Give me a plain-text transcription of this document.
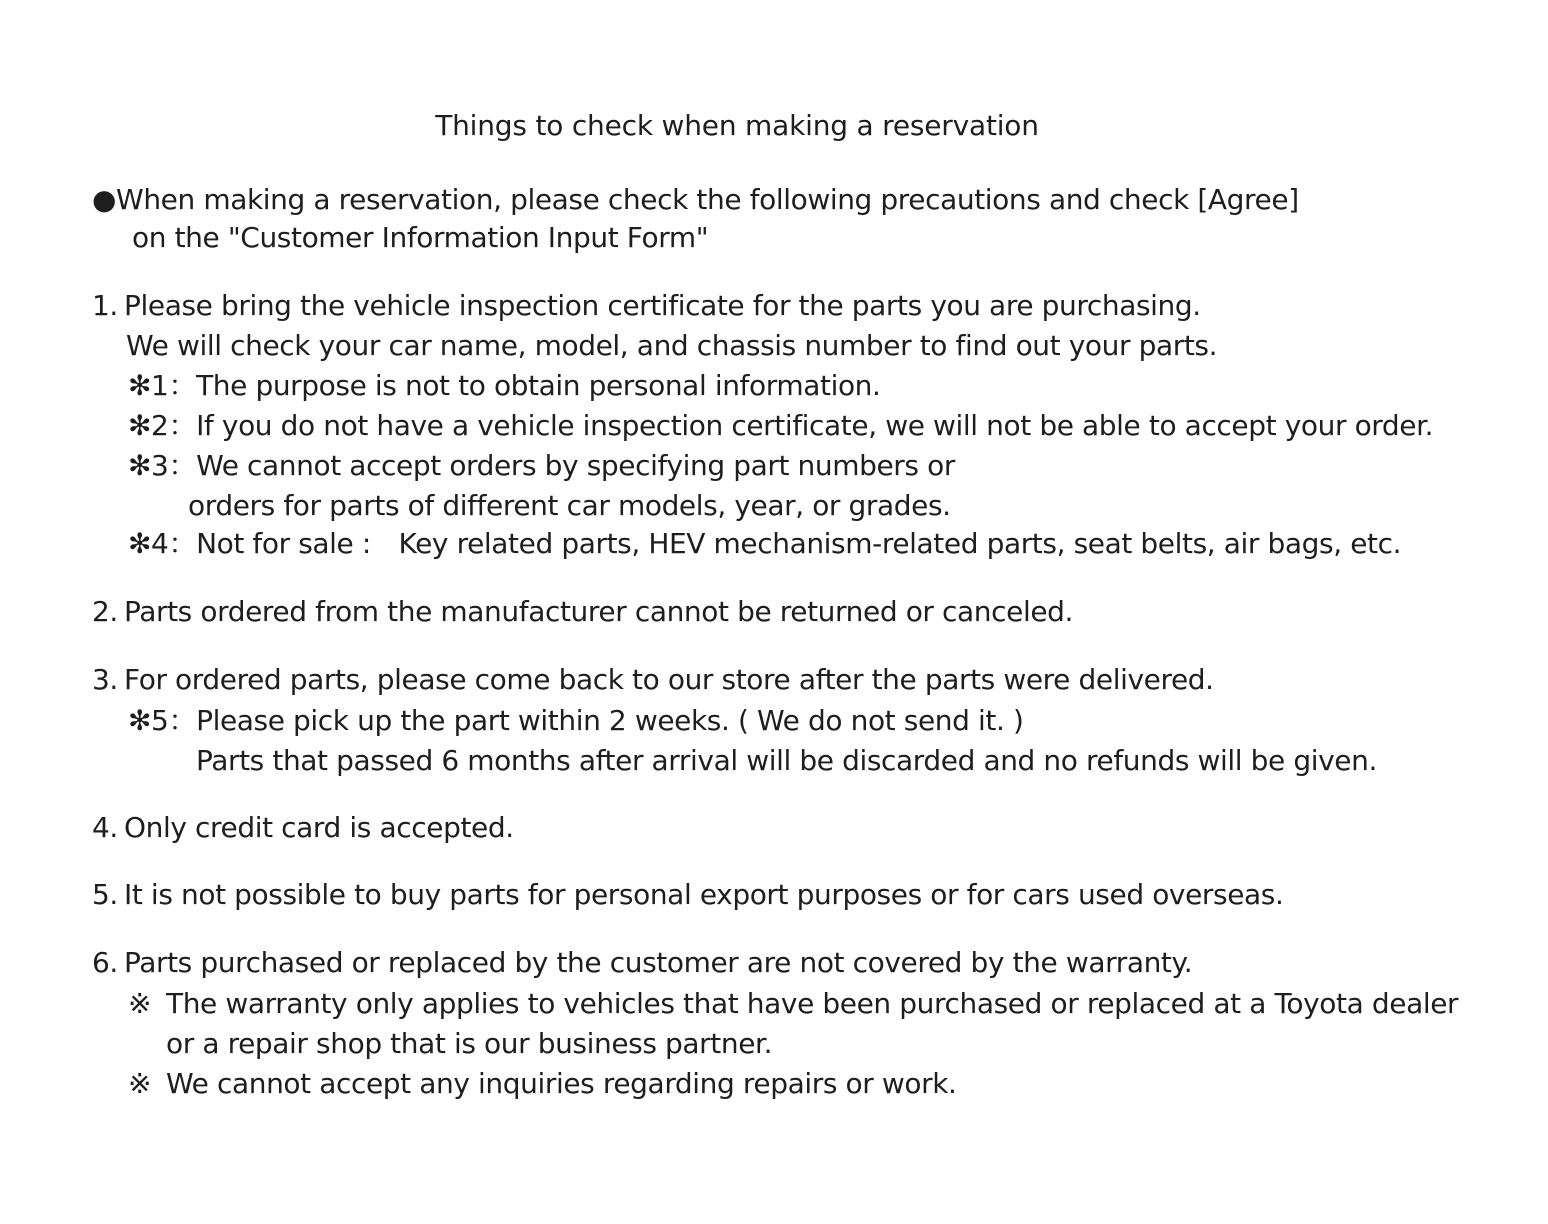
Things to check when making a reservation
●When making a reservation, please check the following precautions and check [Agree]
on the "Customer Information Input Form"
1. Please bring the vehicle inspection certificate for the parts you are purchasing.
We will check your car name, model, and chassis number to find out your parts.
✻1：The purpose is not to obtain personal information.
✻2：If you do not have a vehicle inspection certificate, we will not be able to accept your order.
✻3：We cannot accept orders by specifying part numbers or
orders for parts of different car models, year, or grades.
✻4：Not for sale :　Key related parts, HEV mechanism-related parts, seat belts, air bags, etc.
2. Parts ordered from the manufacturer cannot be returned or canceled.
3. For ordered parts, please come back to our store after the parts were delivered.
✻5：Please pick up the part within 2 weeks. ( We do not send it. )
Parts that passed 6 months after arrival will be discarded and no refunds will be given.
4. Only credit card is accepted.
5. It is not possible to buy parts for personal export purposes or for cars used overseas.
6. Parts purchased or replaced by the customer are not covered by the warranty.
※ The warranty only applies to vehicles that have been purchased or replaced at a Toyota dealer
or a repair shop that is our business partner.
※ We cannot accept any inquiries regarding repairs or work.
